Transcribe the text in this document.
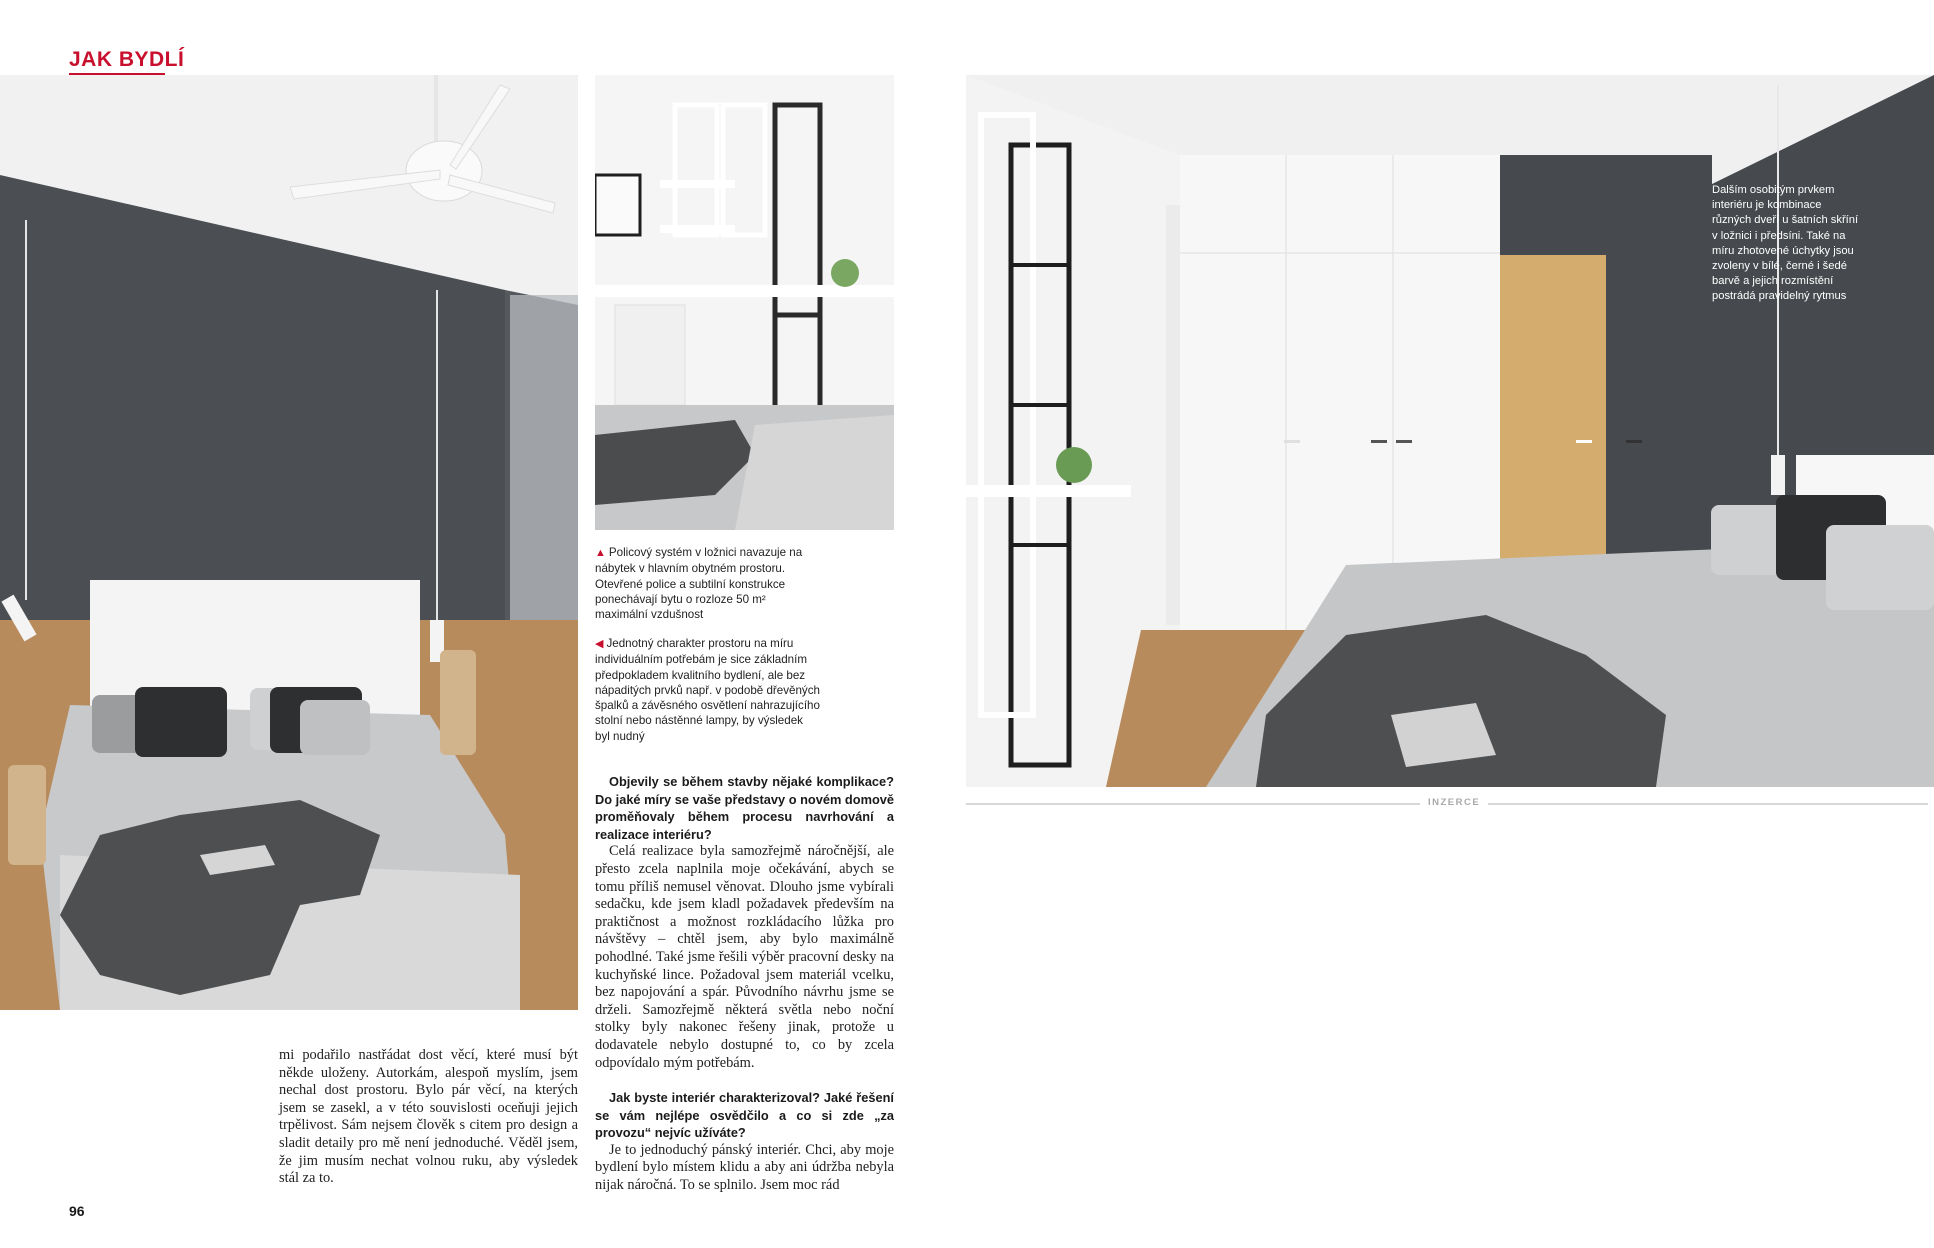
JAK BYDLÍ
▲ Policový systém v ložnici navazuje na nábytek v hlavním obytném prostoru. Otevřené police a subtilní konstrukce ponechávají bytu o rozloze 50 m² maximální vzdušnost
◀ Jednotný charakter prostoru na míru individuálním potřebám je sice základním předpokladem kvalitního bydlení, ale bez nápaditých prvků např. v podobě dřevěných špalků a závěsného osvětlení nahrazujícího stolní nebo nástěnné lampy, by výsledek byl nudný
Dalším osobitým prvkem interiéru je kombinace různých dveří u šatních skříní v ložnici i předsíni. Také na míru zhotovené úchytky jsou zvoleny v bílé, černé i šedé barvě a jejich rozmístění postrádá pravidelný rytmus
INZERCE

mi podařilo nastřádat dost věcí, které musí být někde uloženy. Autorkám, alespoň myslím, jsem nechal dost prostoru. Bylo pár věcí, na kterých jsem se zasekl, a v této souvislosti oceňuji jejich trpělivost. Sám nejsem člověk s citem pro design a sladit detaily pro mě není jednoduché. Věděl jsem, že jim musím nechat volnou ruku, aby výsledek stál za to.

Objevily se během stavby nějaké komplikace? Do jaké míry se vaše představy o novém domově proměňovaly během procesu navrhování a realizace interiéru?

Celá realizace byla samozřejmě náročnější, ale přesto zcela naplnila moje očekávání, abych se tomu příliš nemusel věnovat. Dlouho jsme vybírali sedačku, kde jsem kladl požadavek především na praktičnost a možnost rozkládacího lůžka pro návštěvy – chtěl jsem, aby bylo maximálně pohodlné. Také jsme řešili výběr pracovní desky na kuchyňské lince. Požadoval jsem materiál vcelku, bez napojování a spár. Původního návrhu jsme se drželi. Samozřejmě některá světla nebo noční stolky byly nakonec řešeny jinak, protože u dodavatele nebylo dostupné to, co by zcela odpovídalo mým potřebám.

Jak byste interiér charakterizoval? Jaké řešení se vám nejlépe osvědčilo a co si zde „za provozu“ nejvíc užíváte?

Je to jednoduchý pánský interiér. Chci, aby moje bydlení bylo místem klidu a aby ani údržba nebyla nijak náročná. To se splnilo. Jsem moc rád

96
